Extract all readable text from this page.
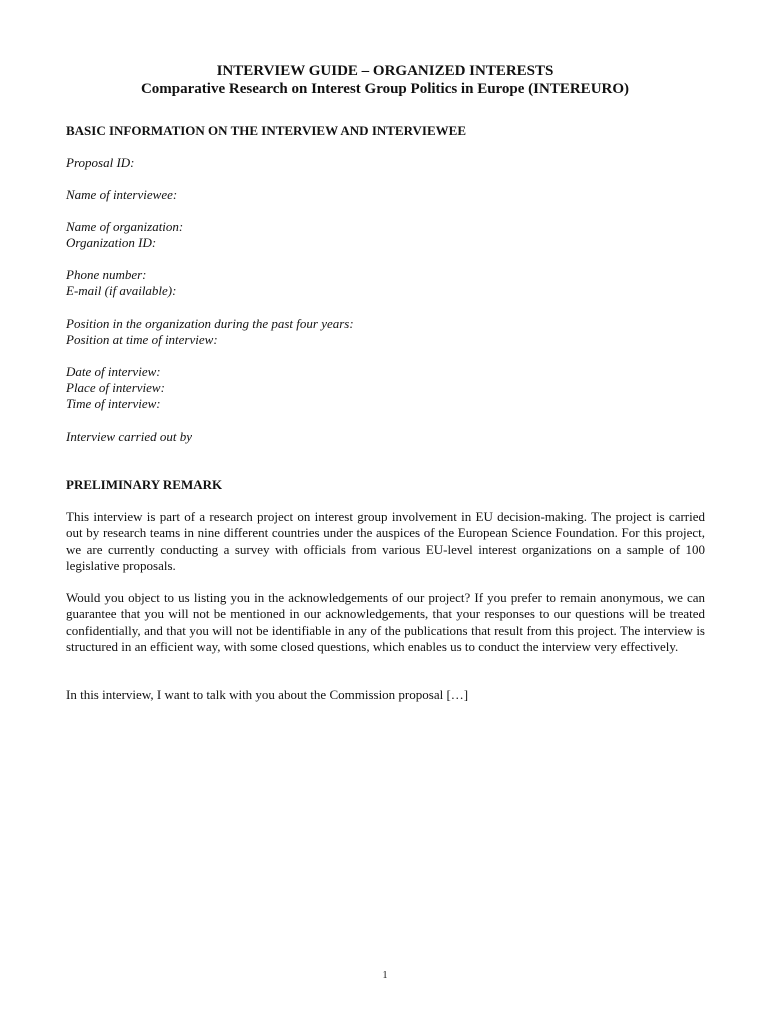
INTERVIEW GUIDE – ORGANIZED INTERESTS
Comparative Research on Interest Group Politics in Europe (INTEREURO)
BASIC INFORMATION ON THE INTERVIEW AND INTERVIEWEE
Proposal ID:
Name of interviewee:
Name of organization:
Organization ID:
Phone number:
E-mail (if available):
Position in the organization during the past four years:
Position at time of interview:
Date of interview:
Place of interview:
Time of interview:
Interview carried out by
PRELIMINARY REMARK

This interview is part of a research project on interest group involvement in EU decision-making. The project is carried out by research teams in nine different countries under the auspices of the European Science Foundation. For this project, we are currently conducting a survey with officials from various EU-level interest organizations on a sample of 100 legislative proposals.

Would you object to us listing you in the acknowledgements of our project? If you prefer to remain anonymous, we can guarantee that you will not be mentioned in our acknowledgements, that your responses to our questions will be treated confidentially, and that you will not be identifiable in any of the publications that result from this project. The interview is structured in an efficient way, with some closed questions, which enables us to conduct the interview very effectively.

In this interview, I want to talk with you about the Commission proposal […]

1
